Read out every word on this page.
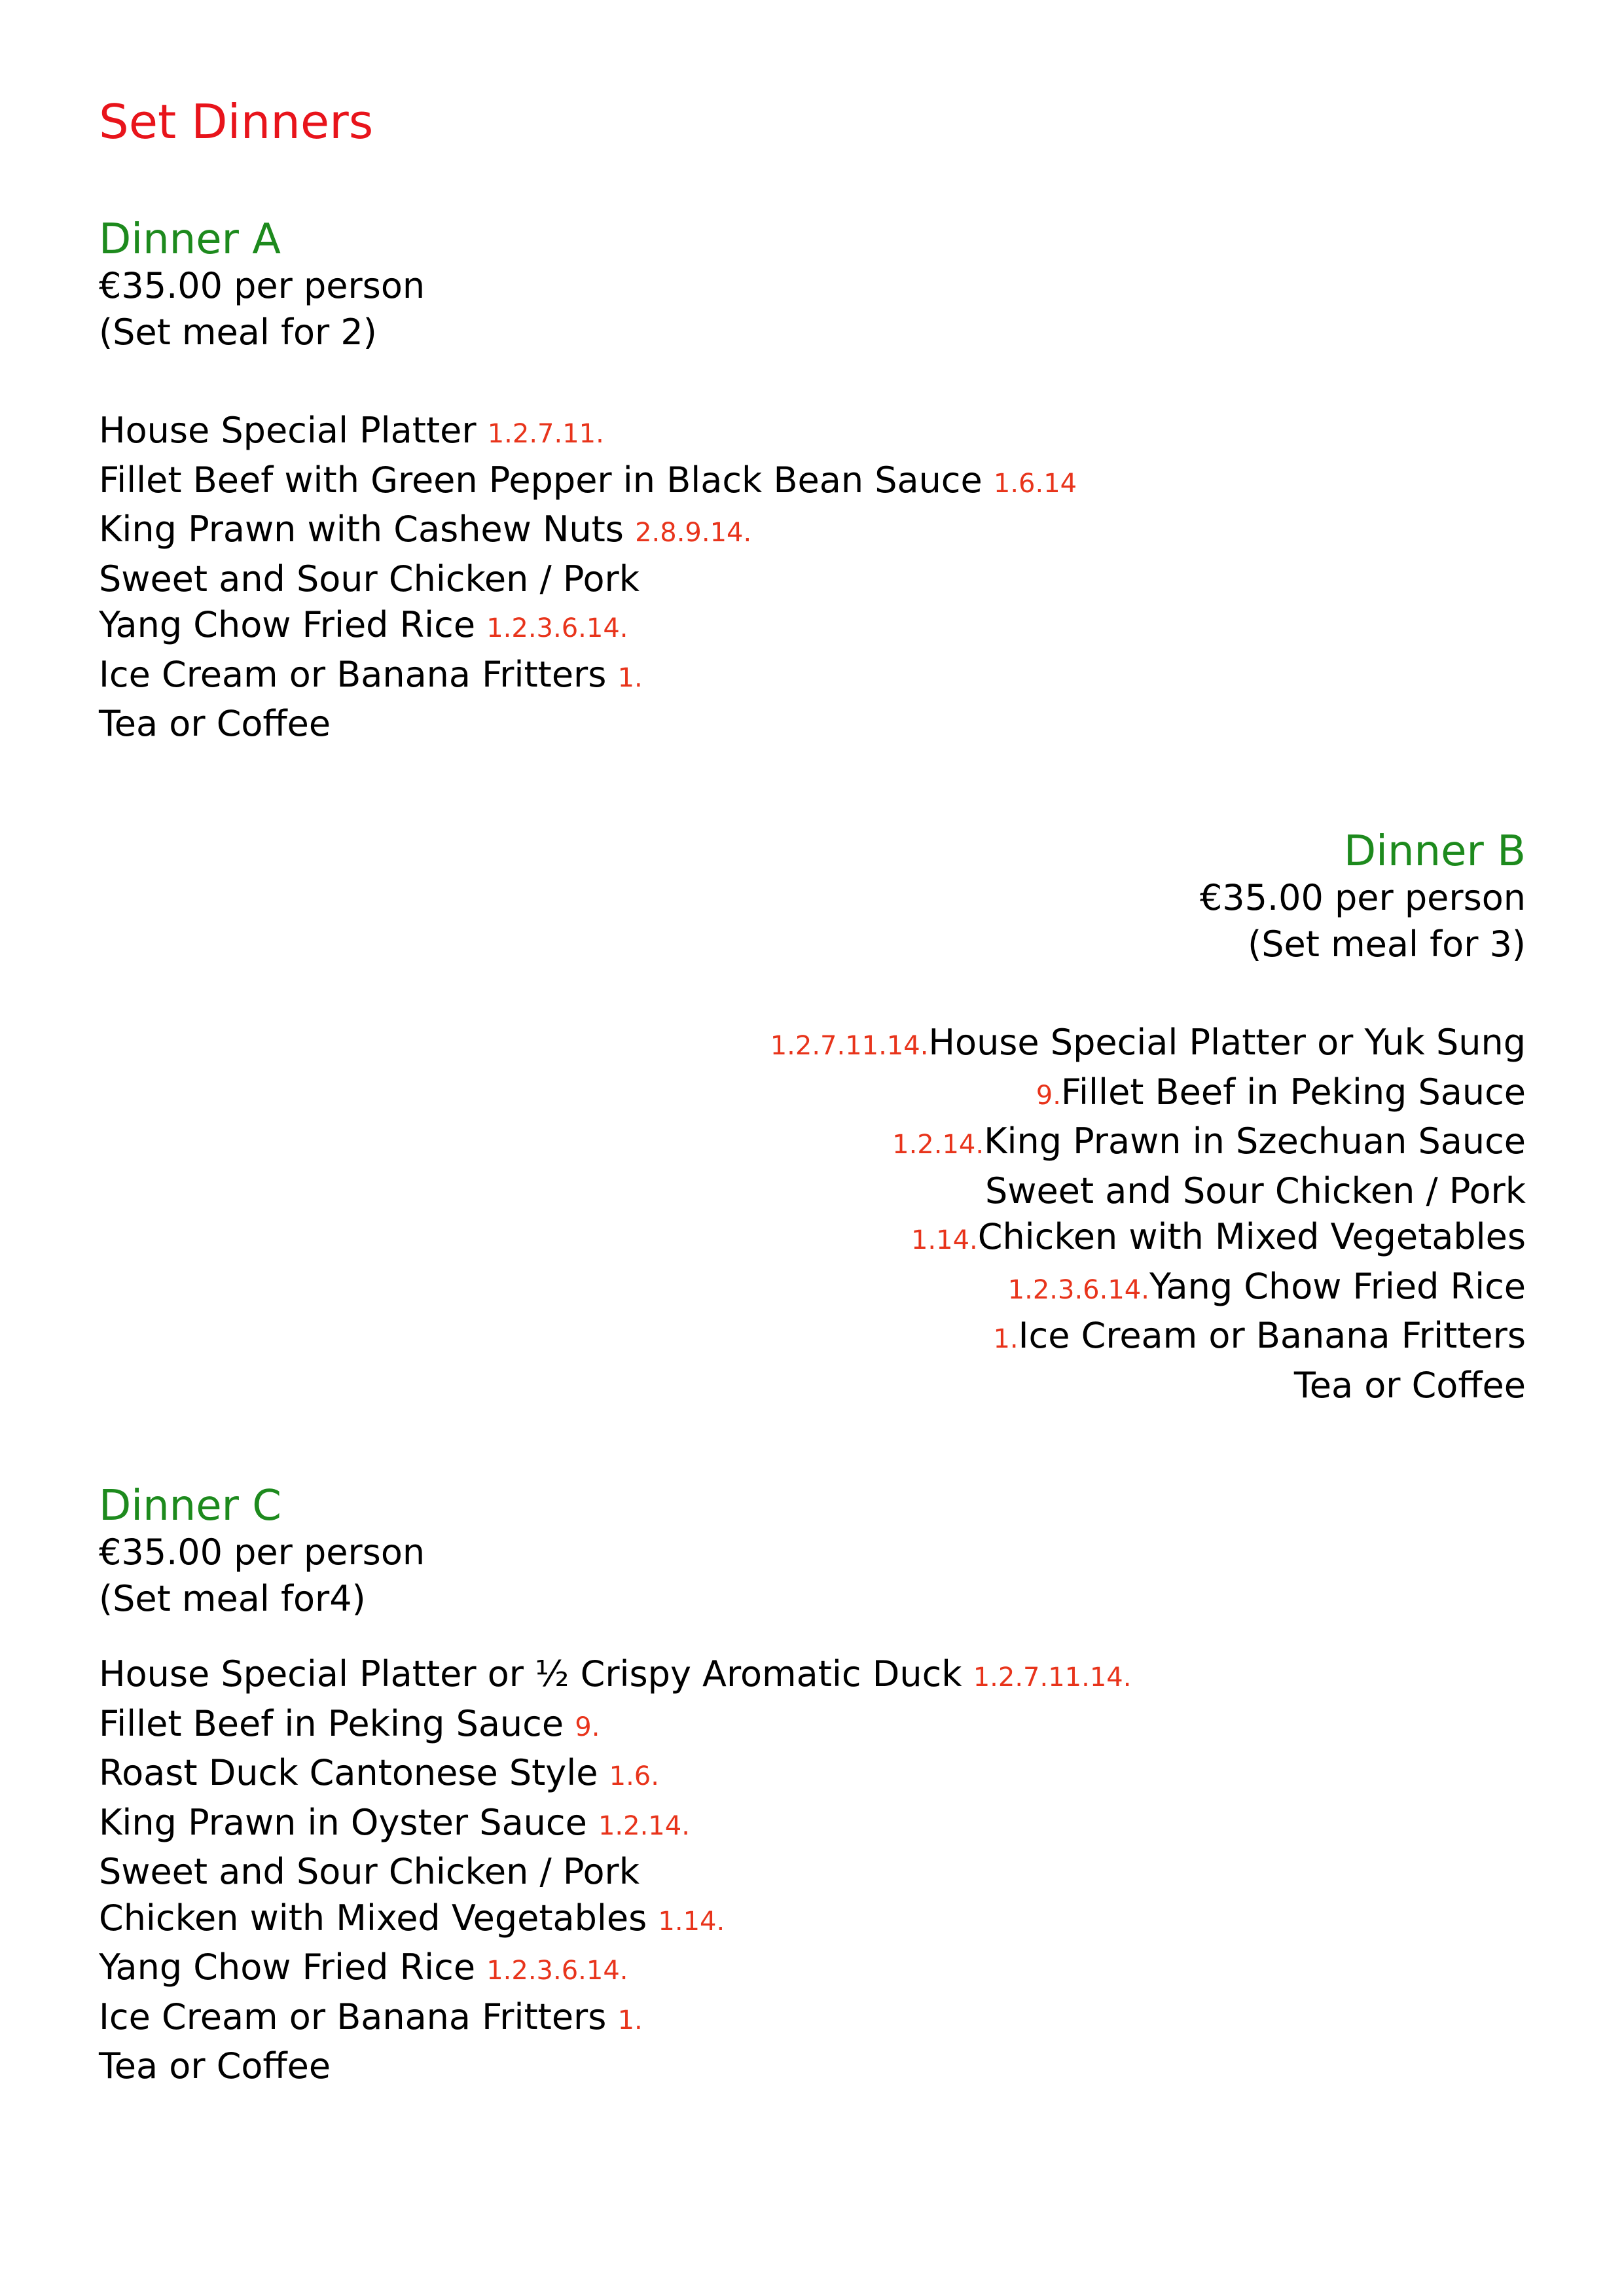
Set Dinners
Dinner A
€35.00 per person
(Set meal for 2)
House Special Platter 1.2.7.11.
Fillet Beef with Green Pepper in Black Bean Sauce 1.6.14
King Prawn with Cashew Nuts 2.8.9.14.
Sweet and Sour Chicken / Pork
Yang Chow Fried Rice 1.2.3.6.14.
Ice Cream or Banana Fritters 1.
Tea or Coffee
Dinner B
€35.00 per person
(Set meal for 3)
1.2.7.11.14.House Special Platter or Yuk Sung
9.Fillet Beef in Peking Sauce
1.2.14.King Prawn in Szechuan Sauce
Sweet and Sour Chicken / Pork
1.14.Chicken with Mixed Vegetables
1.2.3.6.14.Yang Chow Fried Rice
1.Ice Cream or Banana Fritters
Tea or Coffee
Dinner C
€35.00 per person
(Set meal for4)
House Special Platter or ½ Crispy Aromatic Duck 1.2.7.11.14.
Fillet Beef in Peking Sauce 9.
Roast Duck Cantonese Style 1.6.
King Prawn in Oyster Sauce 1.2.14.
Sweet and Sour Chicken / Pork
Chicken with Mixed Vegetables 1.14.
Yang Chow Fried Rice 1.2.3.6.14.
Ice Cream or Banana Fritters 1.
Tea or Coffee
